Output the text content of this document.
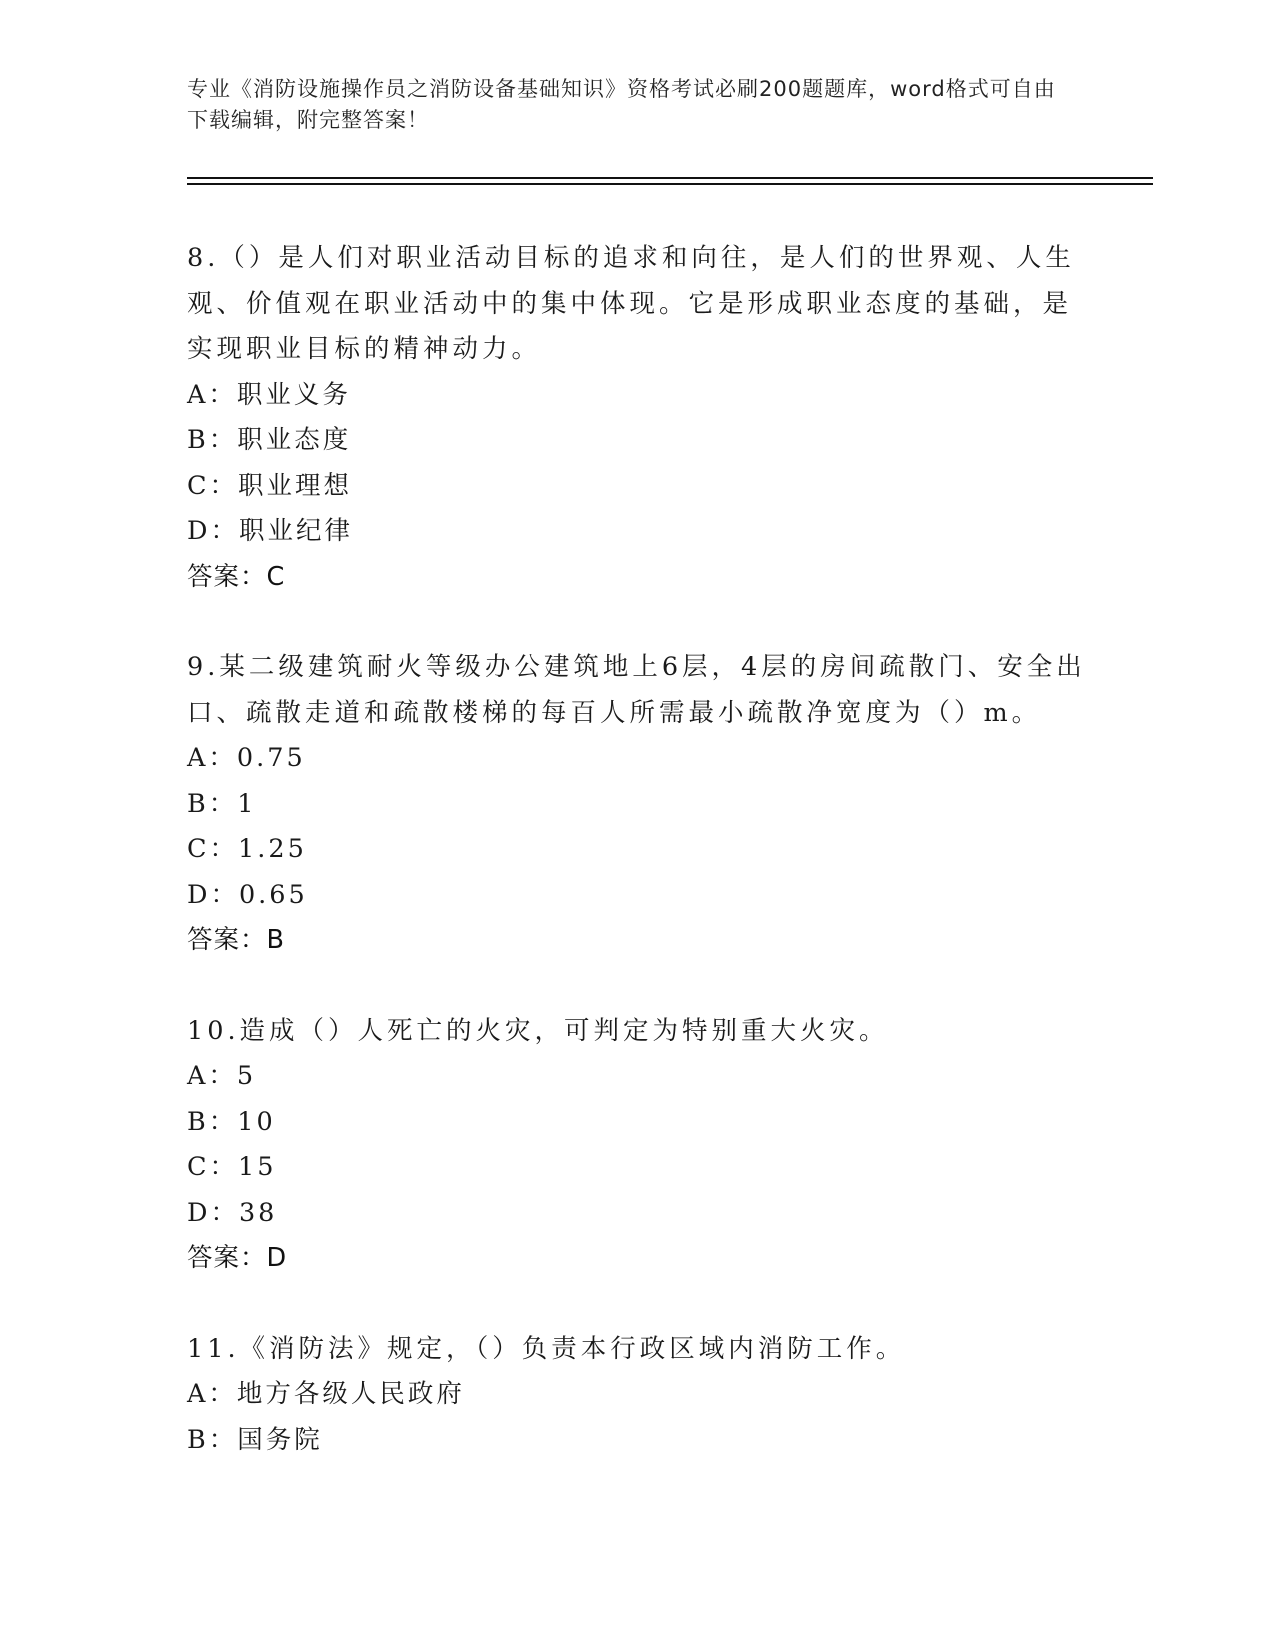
专业《消防设施操作员之消防设备基础知识》资格考试必刷200题题库，word格式可自由下载编辑，附完整答案！

8.（）是人们对职业活动目标的追求和向往，是人们的世界观、人生观、价值观在职业活动中的集中体现。它是形成职业态度的基础，是实现职业目标的精神动力。

A：职业义务

B：职业态度

C：职业理想

D：职业纪律

答案：C

9.某二级建筑耐火等级办公建筑地上6层，4层的房间疏散门、安全出口、疏散走道和疏散楼梯的每百人所需最小疏散净宽度为（）m。

A：0.75

B：1

C：1.25

D：0.65

答案：B

10.造成（）人死亡的火灾，可判定为特别重大火灾。

A：5

B：10

C：15

D：38

答案：D

11.《消防法》规定，（）负责本行政区域内消防工作。

A：地方各级人民政府

B：国务院
